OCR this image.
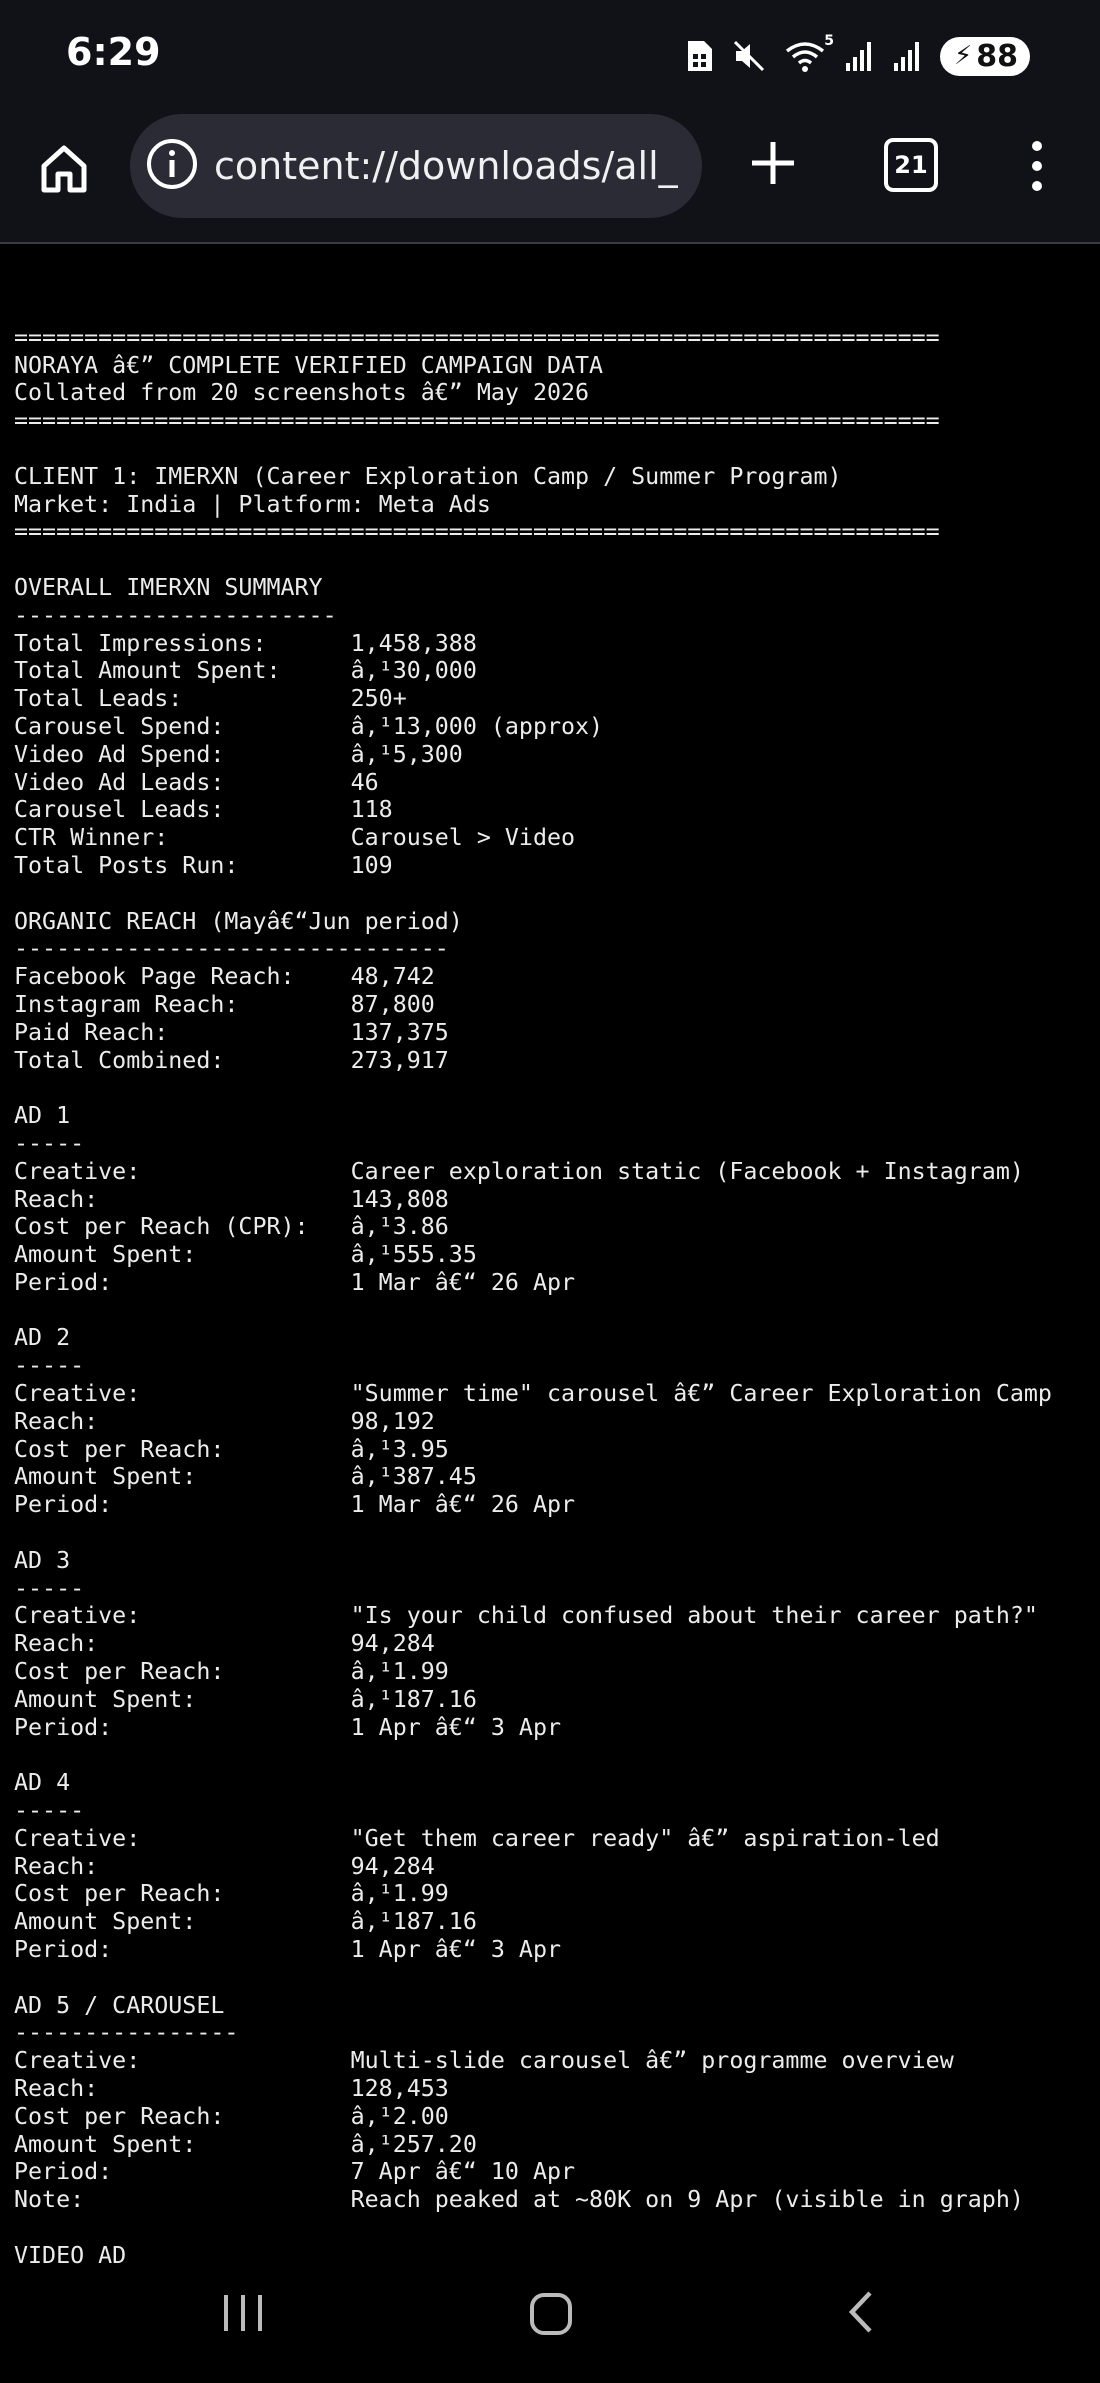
6:29	5	⚡ 88
content://downloads/all_	21
==================================================================
NORAYA â€” COMPLETE VERIFIED CAMPAIGN DATA
Collated from 20 screenshots â€” May 2026
==================================================================
CLIENT 1: IMERXN (Career Exploration Camp / Summer Program)
Market: India | Platform: Meta Ads
==================================================================
OVERALL IMERXN SUMMARY
-----------------------
Total Impressions:      1,458,388
Total Amount Spent:     â‚¹30,000
Total Leads:            250+
Carousel Spend:         â‚¹13,000 (approx)
Video Ad Spend:         â‚¹5,300
Video Ad Leads:         46
Carousel Leads:         118
CTR Winner:             Carousel > Video
Total Posts Run:        109
ORGANIC REACH (Mayâ€“Jun period)
-------------------------------
Facebook Page Reach:    48,742
Instagram Reach:        87,800
Paid Reach:             137,375
Total Combined:         273,917
AD 1
-----
Creative:               Career exploration static (Facebook + Instagram)
Reach:                  143,808
Cost per Reach (CPR):   â‚¹3.86
Amount Spent:           â‚¹555.35
Period:                 1 Mar â€“ 26 Apr
AD 2
-----
Creative:               "Summer time" carousel â€” Career Exploration Camp
Reach:                  98,192
Cost per Reach:         â‚¹3.95
Amount Spent:           â‚¹387.45
Period:                 1 Mar â€“ 26 Apr
AD 3
-----
Creative:               "Is your child confused about their career path?"
Reach:                  94,284
Cost per Reach:         â‚¹1.99
Amount Spent:           â‚¹187.16
Period:                 1 Apr â€“ 3 Apr
AD 4
-----
Creative:               "Get them career ready" â€” aspiration-led
Reach:                  94,284
Cost per Reach:         â‚¹1.99
Amount Spent:           â‚¹187.16
Period:                 1 Apr â€“ 3 Apr
AD 5 / CAROUSEL
----------------
Creative:               Multi-slide carousel â€” programme overview
Reach:                  128,453
Cost per Reach:         â‚¹2.00
Amount Spent:           â‚¹257.20
Period:                 7 Apr â€“ 10 Apr
Note:                   Reach peaked at ~80K on 9 Apr (visible in graph)
VIDEO AD
